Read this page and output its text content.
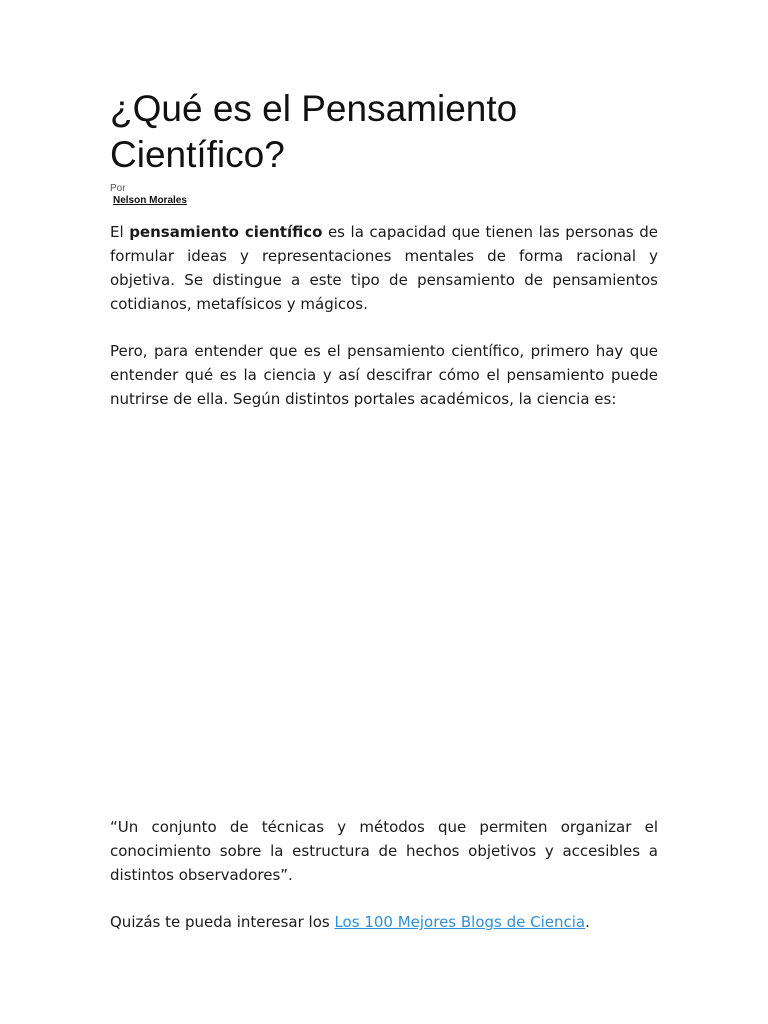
¿Qué es el Pensamiento Científico?
Por
Nelson Morales

El pensamiento científico es la capacidad que tienen las personas de formular ideas y representaciones mentales de forma racional y objetiva. Se distingue a este tipo de pensamiento de pensamientos cotidianos, metafísicos y mágicos.

Pero, para entender que es el pensamiento científico, primero hay que entender qué es la ciencia y así descifrar cómo el pensamiento puede nutrirse de ella. Según distintos portales académicos, la ciencia es:

“Un conjunto de técnicas y métodos que permiten organizar el conocimiento sobre la estructura de hechos objetivos y accesibles a distintos observadores”.

Quizás te pueda interesar los Los 100 Mejores Blogs de Ciencia.
